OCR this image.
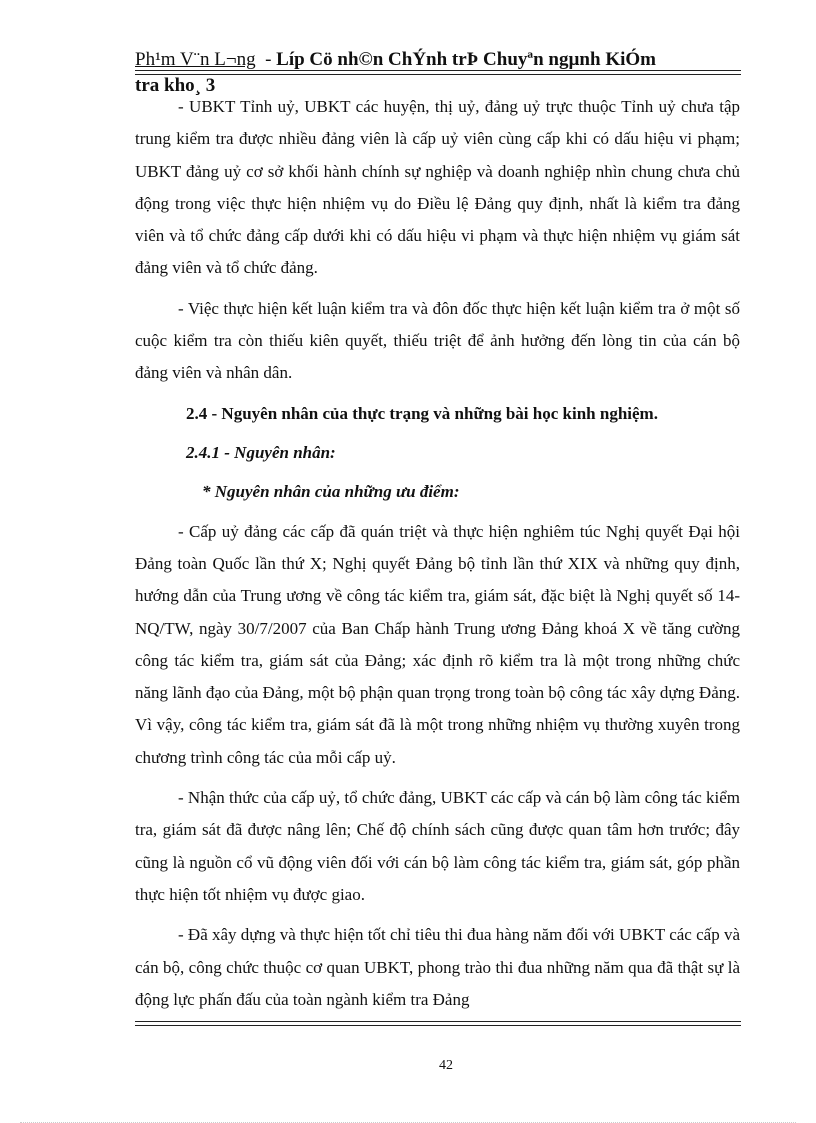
Ph¹m V¨n L¬ng  - Líp Cö nh©n ChÝnh trÞ Chuyªn ngµnh KiÓm
tra kho¸ 3

- UBKT Tỉnh uỷ, UBKT các huyện, thị uỷ, đảng uỷ trực thuộc Tỉnh uỷ chưa tập trung kiểm tra được nhiều đảng viên là cấp uỷ viên cùng cấp khi có dấu hiệu vi phạm; UBKT đảng uỷ cơ sở khối hành chính sự nghiệp và doanh nghiệp nhìn chung chưa chủ động trong việc thực hiện nhiệm vụ do Điều lệ Đảng quy định, nhất là kiểm tra đảng viên và tổ chức đảng cấp dưới khi có dấu hiệu vi phạm và thực hiện nhiệm vụ giám sát đảng viên và tổ chức đảng.

- Việc thực hiện kết luận kiểm tra và đôn đốc thực hiện kết luận kiểm tra ở một số cuộc kiểm tra còn thiếu kiên quyết, thiếu triệt để ảnh hưởng đến lòng tin của cán bộ đảng viên và nhân dân.

2.4 - Nguyên nhân của thực trạng và những bài học kinh nghiệm.

2.4.1 - Nguyên nhân:

* Nguyên nhân của những ưu điểm:

- Cấp uỷ đảng các cấp đã quán triệt và thực hiện nghiêm túc Nghị quyết Đại hội Đảng toàn Quốc lần thứ X; Nghị quyết Đảng bộ tỉnh lần thứ XIX và những quy định, hướng dẫn của Trung ương về công tác kiểm tra, giám sát, đặc biệt là Nghị quyết số 14- NQ/TW, ngày 30/7/2007 của Ban Chấp hành Trung ương Đảng khoá X về tăng cường công tác kiểm tra, giám sát của Đảng; xác định rõ kiểm tra là một trong những chức năng lãnh đạo của Đảng, một bộ phận quan trọng trong toàn bộ công tác xây dựng Đảng. Vì vậy, công tác kiểm tra, giám sát đã là một trong những nhiệm vụ thường xuyên trong chương trình công tác của mỗi cấp uỷ.

- Nhận thức của cấp uỷ, tổ chức đảng, UBKT các cấp và cán bộ làm công tác kiểm tra, giám sát đã được nâng lên; Chế độ chính sách cũng được quan tâm hơn trước; đây cũng là nguồn cổ vũ động viên đối với cán bộ làm công tác kiểm tra, giám sát, góp phần thực hiện tốt nhiệm vụ được giao.

- Đã xây dựng và thực hiện tốt chỉ tiêu thi đua hàng năm đối với UBKT các cấp và cán bộ, công chức thuộc cơ quan UBKT, phong trào thi đua những năm qua đã thật sự là động lực phấn đấu của toàn ngành kiểm tra Đảng

42
